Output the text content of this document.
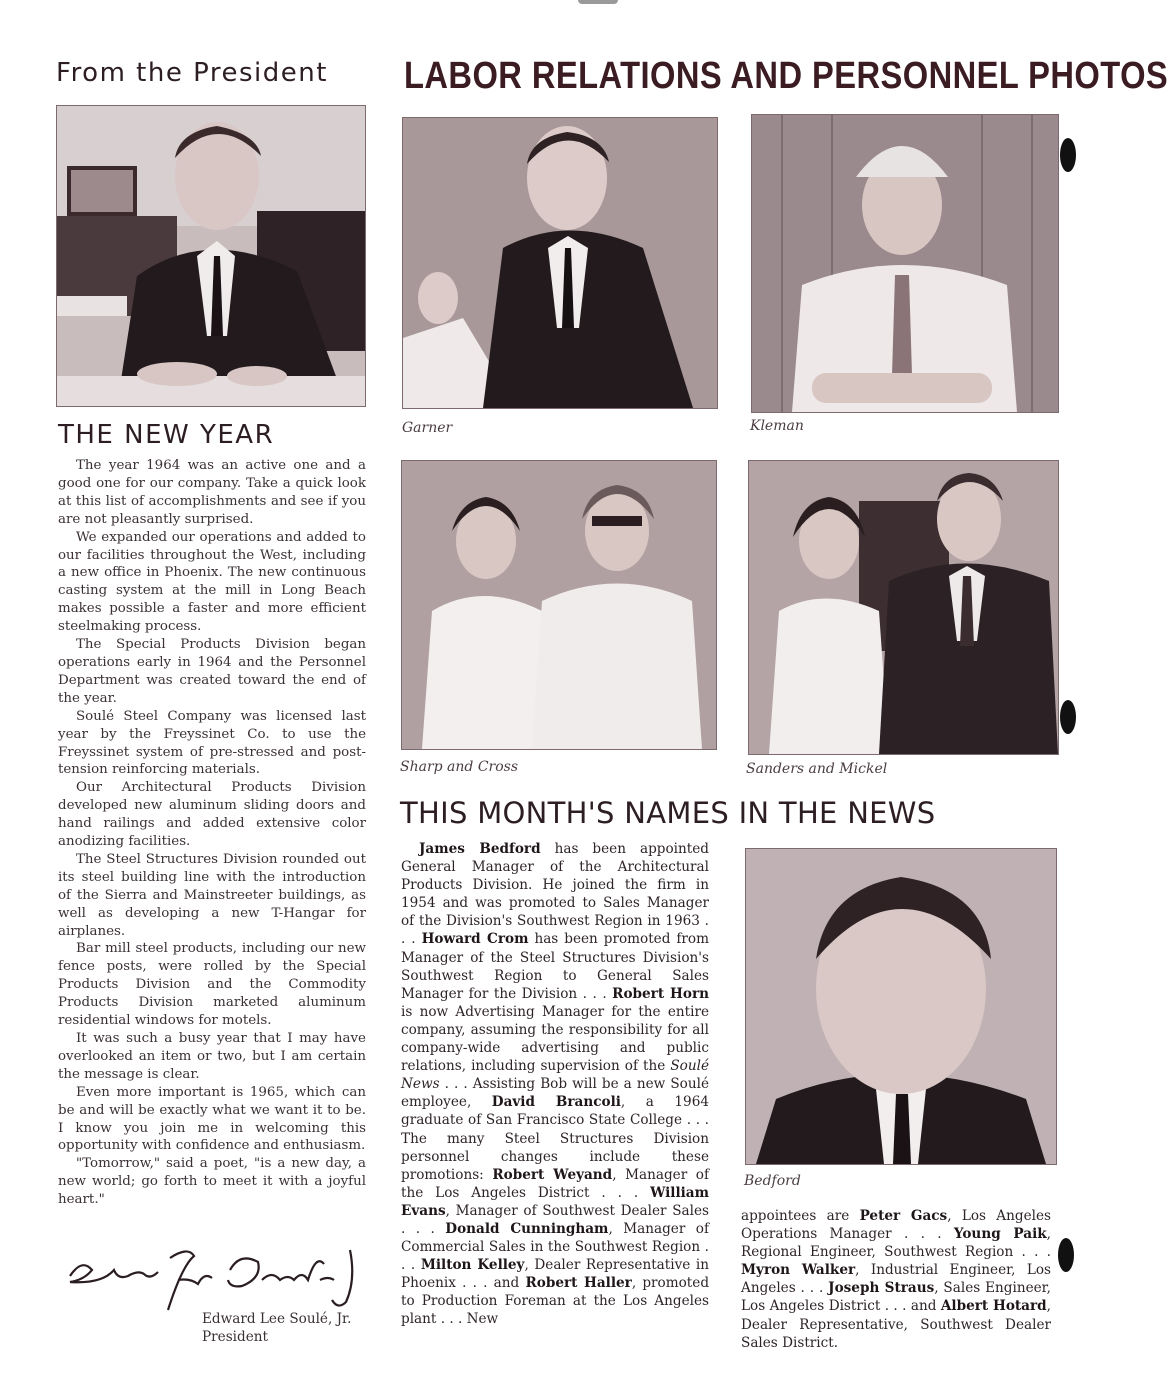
From the President LABOR RELATIONS AND PERSONNEL PHOTOS
THE NEW YEAR
THIS MONTH'S NAMES IN THE NEWS
Garner	Kleman
Sharp and Cross	Sanders and Mickel
Bedford

The year 1964 was an active one and a good one for our company. Take a quick look at this list of accomplishments and see if you are not pleasantly surprised.

We expanded our operations and added to our facilities throughout the West, including a new office in Phoenix. The new continuous casting system at the mill in Long Beach makes possible a faster and more efficient steelmaking process.

The Special Products Division began operations early in 1964 and the Personnel Department was created toward the end of the year.

Soulé Steel Company was licensed last year by the Freyssinet Co. to use the Freyssinet system of pre-stressed and post-tension reinforcing materials.

Our Architectural Products Division developed new aluminum sliding doors and hand railings and added extensive color anodizing facilities.

The Steel Structures Division rounded out its steel building line with the introduction of the Sierra and Mainstreeter buildings, as well as developing a new T-Hangar for airplanes.

Bar mill steel products, including our new fence posts, were rolled by the Special Products Division and the Commodity Products Division marketed aluminum residential windows for motels.

It was such a busy year that I may have overlooked an item or two, but I am certain the message is clear.

Even more important is 1965, which can be and will be exactly what we want it to be. I know you join me in welcoming this opportunity with confidence and enthusiasm.

"Tomorrow," said a poet, "is a new day, a new world; go forth to meet it with a joyful heart."

Edward Lee Soulé, Jr.
President

James Bedford has been appointed General Manager of the Architectural Products Division. He joined the firm in 1954 and was promoted to Sales Manager of the Division's Southwest Region in 1963 . . . Howard Crom has been promoted from Manager of the Steel Structures Division's Southwest Region to General Sales Manager for the Division . . . Robert Horn is now Advertising Manager for the entire company, assuming the responsibility for all company-wide advertising and public relations, including supervision of the Soulé News . . . Assisting Bob will be a new Soulé employee, David Brancoli, a 1964 graduate of San Francisco State College . . . The many Steel Structures Division personnel changes include these promotions: Robert Weyand, Manager of the Los Angeles District . . . William Evans, Manager of Southwest Dealer Sales . . . Donald Cunningham, Manager of Commercial Sales in the Southwest Region . . . Milton Kelley, Dealer Representative in Phoenix . . . and Robert Haller, promoted to Production Foreman at the Los Angeles plant . . . New

appointees are Peter Gacs, Los Angeles Operations Manager . . . Young Paik, Regional Engineer, Southwest Region . . . Myron Walker, Industrial Engineer, Los Angeles . . . Joseph Straus, Sales Engineer, Los Angeles District . . . and Albert Hotard, Dealer Representative, Southwest Dealer Sales District.
